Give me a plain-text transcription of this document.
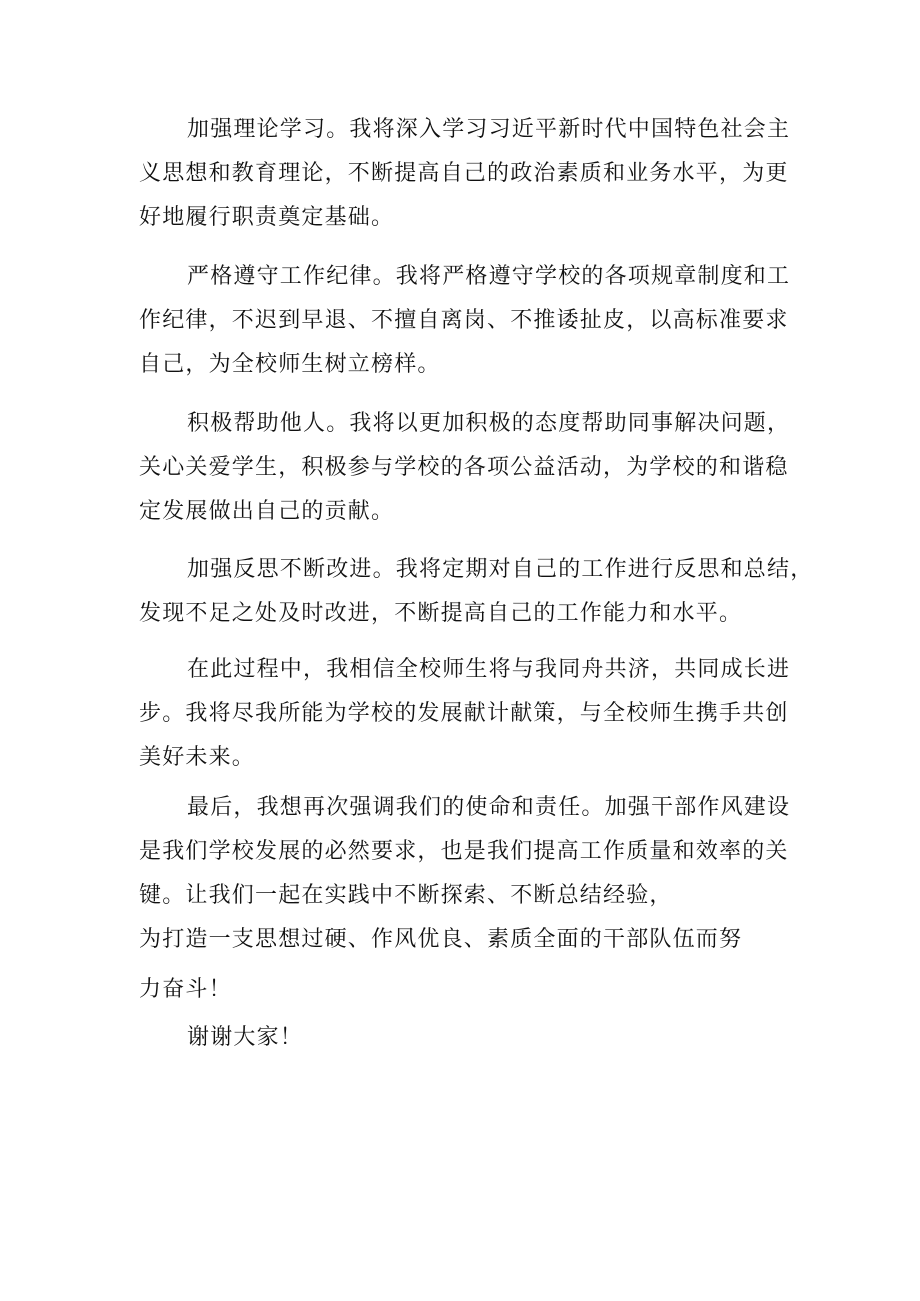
加强理论学习。我将深入学习习近平新时代中国特色社会主
义思想和教育理论，不断提高自己的政治素质和业务水平，为更
好地履行职责奠定基础。

严格遵守工作纪律。我将严格遵守学校的各项规章制度和工
作纪律，不迟到早退、不擅自离岗、不推诿扯皮，以高标准要求
自己，为全校师生树立榜样。

积极帮助他人。我将以更加积极的态度帮助同事解决问题，
关心关爱学生，积极参与学校的各项公益活动，为学校的和谐稳
定发展做出自己的贡献。

加强反思不断改进。我将定期对自己的工作进行反思和总结，
发现不足之处及时改进，不断提高自己的工作能力和水平。

在此过程中，我相信全校师生将与我同舟共济，共同成长进
步。我将尽我所能为学校的发展献计献策，与全校师生携手共创
美好未来。

最后，我想再次强调我们的使命和责任。加强干部作风建设
是我们学校发展的必然要求，也是我们提高工作质量和效率的关
键。让我们一起在实践中不断探索、不断总结经验，
为打造一支思想过硬、作风优良、素质全面的干部队伍而努
力奋斗！

谢谢大家！
